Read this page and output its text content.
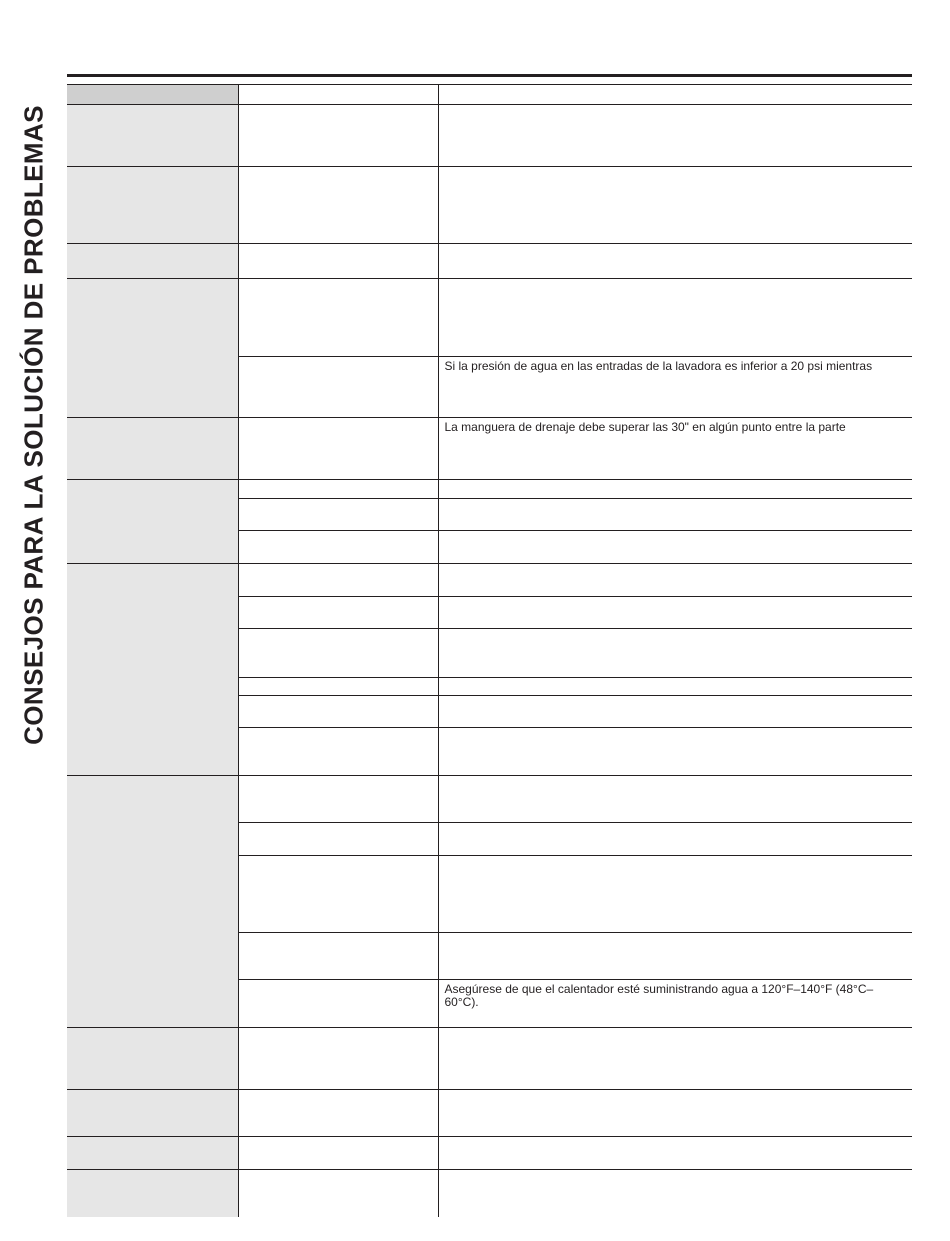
CONSEJOS PARA LA SOLUCIÓN DE PROBLEMAS

		Si la presión de agua en las entradas de la lavadora es inferior a 20 psi mientras

		La manguera de drenaje debe superar las 30" en algún punto entre la parte

		Asegúrese de que el calentador esté suministrando agua a 120°F–140°F (48°C–60°C).
